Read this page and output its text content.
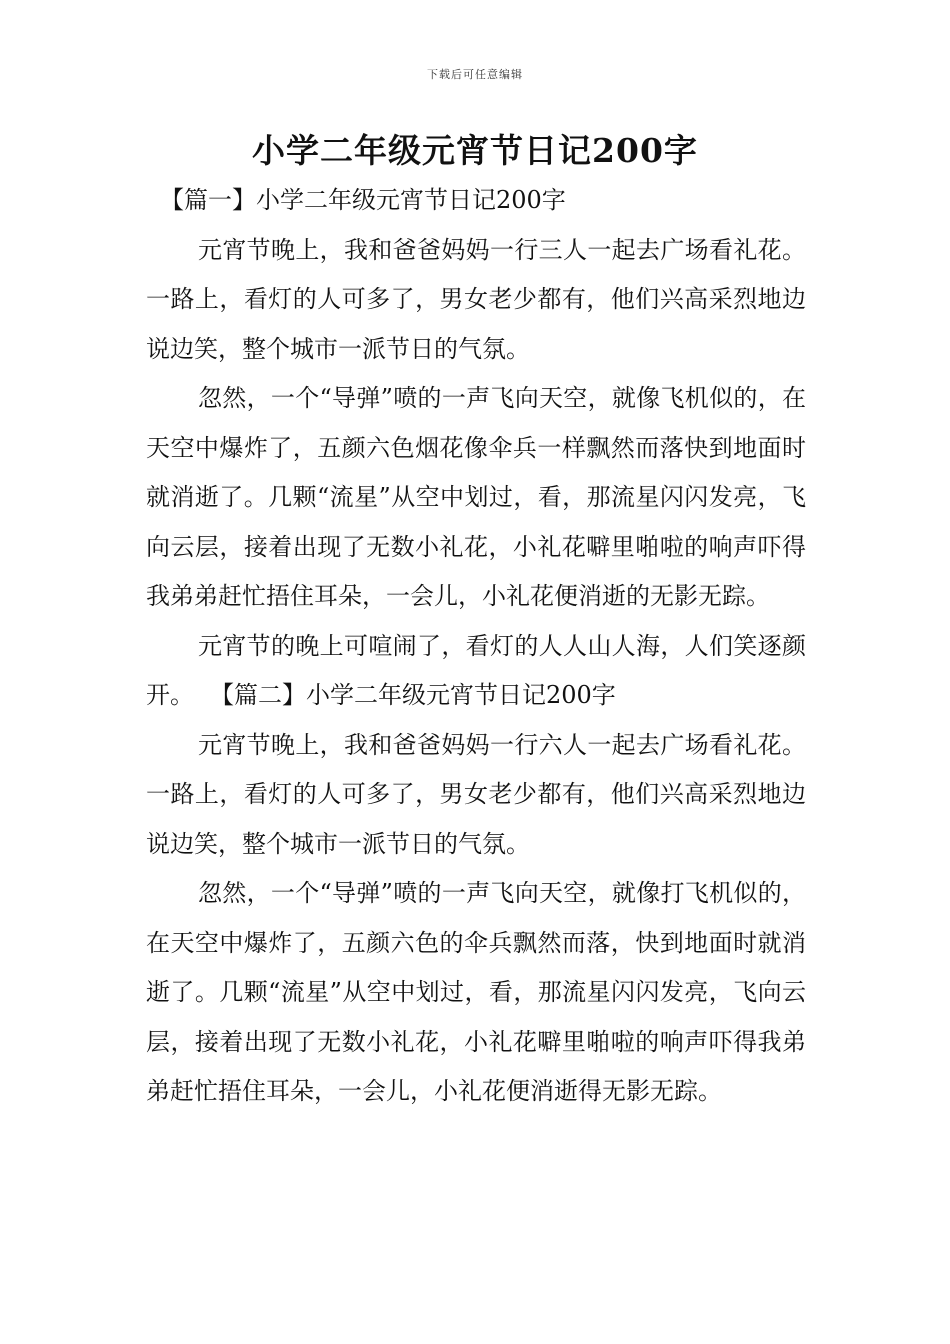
下载后可任意编辑
小学二年级元宵节日记200字

【篇一】小学二年级元宵节日记200字

元宵节晚上，我和爸爸妈妈一行三人一起去广场看礼花。一路上，看灯的人可多了，男女老少都有，他们兴高采烈地边说边笑，整个城市一派节日的气氛。

忽然，一个“导弹”喷的一声飞向天空，就像飞机似的，在天空中爆炸了，五颜六色烟花像伞兵一样飘然而落快到地面时就消逝了。几颗“流星”从空中划过，看，那流星闪闪发亮，飞向云层，接着出现了无数小礼花，小礼花噼里啪啦的响声吓得我弟弟赶忙捂住耳朵，一会儿，小礼花便消逝的无影无踪。

元宵节的晚上可喧闹了，看灯的人人山人海，人们笑逐颜开。 【篇二】小学二年级元宵节日记200字

元宵节晚上，我和爸爸妈妈一行六人一起去广场看礼花。一路上，看灯的人可多了，男女老少都有，他们兴高采烈地边说边笑，整个城市一派节日的气氛。

忽然，一个“导弹”喷的一声飞向天空，就像打飞机似的，在天空中爆炸了，五颜六色的伞兵飘然而落，快到地面时就消逝了。几颗“流星”从空中划过，看，那流星闪闪发亮，飞向云层，接着出现了无数小礼花，小礼花噼里啪啦的响声吓得我弟弟赶忙捂住耳朵，一会儿，小礼花便消逝得无影无踪。
